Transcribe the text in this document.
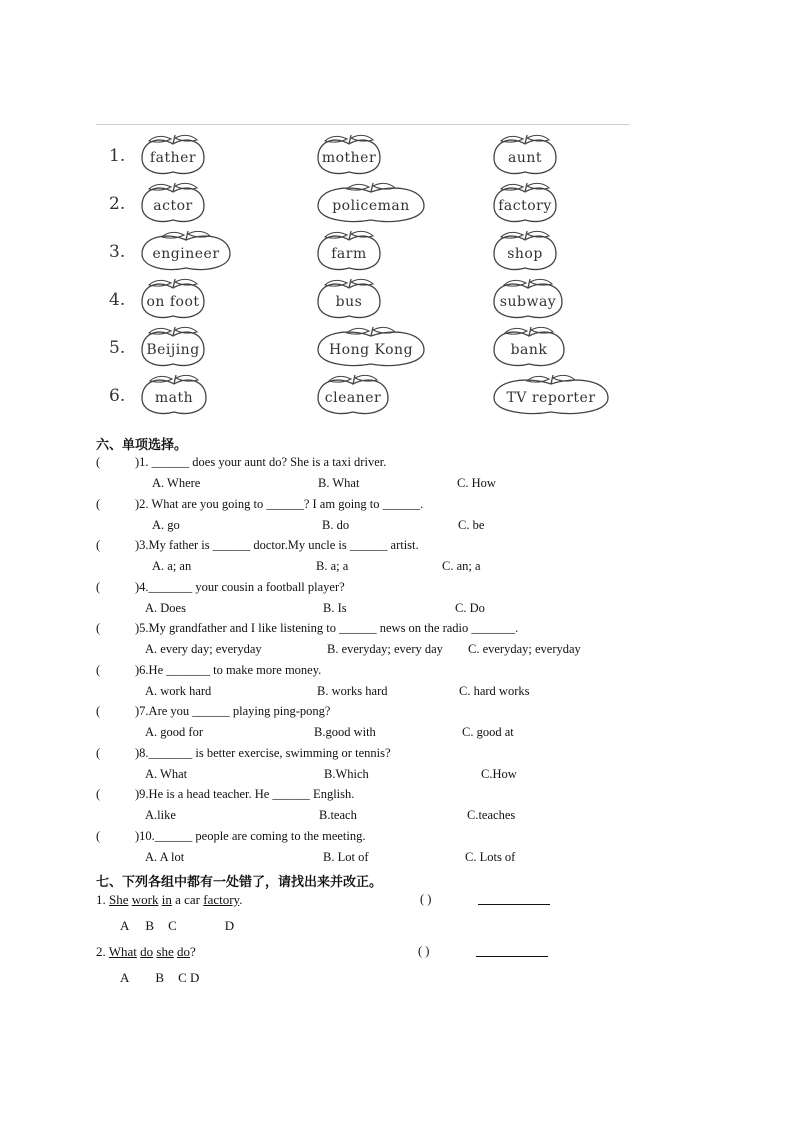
1.	father	mother	aunt
2.	actor	policeman	factory
3.	engineer	farm	shop
4.	on foot	bus	subway
5.	Beijing	Hong Kong	bank
6.	math	cleaner	TV reporter
六、单项选择。
(	)1. ______ does your aunt do? She is a taxi driver.
A. Where	B. What	C. How
(	)2. What are you going to ______? I am going to ______.
A. go	B. do	C. be
(	)3.My father is ______ doctor.My uncle is ______ artist.
A. a; an	B. a; a	C. an; a
(	)4._______ your cousin a football player?
A. Does	B. Is	C. Do
(	)5.My grandfather and I like listening to ______ news on the radio _______.
A. every day; everyday	B. everyday; every day C. everyday; everyday
(	)6.He _______ to make more money.
A. work hard	B. works hard	C. hard works
(	)7.Are you ______ playing ping-pong?
A. good for	B.good with	C. good at
(	)8._______ is better exercise, swimming or tennis?
A. What	B.Which	C.How
(	)9.He is a head teacher. He ______ English.
A.like	B.teach	C.teaches
(	)10.______ people are coming to the meeting.
A. A lot	B. Lot of	C. Lots of
七、下列各组中都有一处错了，请找出来并改正。
1. She work in a car factory.	( )
A B C	D
2. What do she do?	( )
A B C D
